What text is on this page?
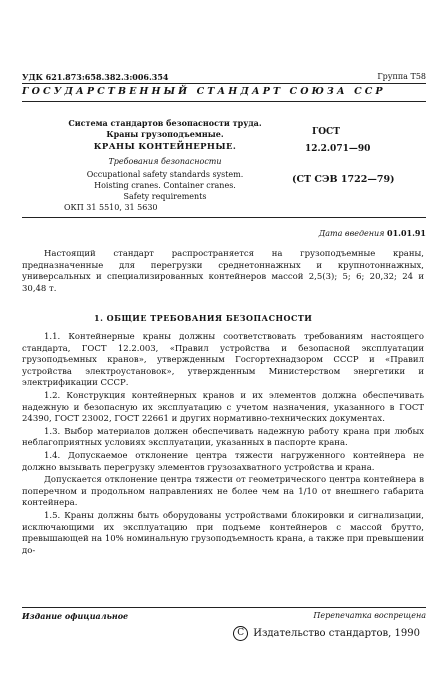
УДК 621.873:658.382.3:006.354	Группа Т58
ГОСУДАРСТВЕННЫЙ СТАНДАРТ СОЮЗА ССР
Система стандартов безопасности труда.
Краны грузоподъемные.
КРАНЫ КОНТЕЙНЕРНЫЕ.
Требования безопасности
Occupational safety standards system.
Hoisting cranes. Container cranes.
Safety requirements
ОКП 31 5510, 31 5630
ГОСТ
12.2.071—90
(СТ СЭВ 1722—79)
Дата введения 01.01.91

Настоящий стандарт распространяется на грузоподъемные краны, предназначенные для перегрузки среднетоннажных и крупнотоннажных, универсальных и специализированных контейнеров массой 2,5(3); 5; 6; 20,32; 24 и 30,48 т.

1. ОБЩИЕ ТРЕБОВАНИЯ БЕЗОПАСНОСТИ

1.1. Контейнерные краны должны соответствовать требованиям настоящего стандарта, ГОСТ 12.2.003, «Правил устройства и безопасной эксплуатации грузоподъемных кранов», утвержденным Госгортехнадзором СССР и «Правил устройства электроустановок», утвержденным Министерством энергетики и электрификации СССР.

1.2. Конструкция контейнерных кранов и их элементов должна обеспечивать надежную и безопасную их эксплуатацию с учетом назначения, указанного в ГОСТ 24390, ГОСТ 23002, ГОСТ 22661 и других нормативно-технических документах.

1.3. Выбор материалов должен обеспечивать надежную работу крана при любых неблагоприятных условиях эксплуатации, указанных в паспорте крана.

1.4. Допускаемое отклонение центра тяжести нагруженного контейнера не должно вызывать перегрузку элементов грузозахватного устройства и крана.

Допускается отклонение центра тяжести от геометрического центра контейнера в поперечном и продольном направлениях не более чем на 1/10 от внешнего габарита контейнера.

1.5. Краны должны быть оборудованы устройствами блокировки и сигнализации, исключающими их эксплуатацию при подъеме контейнеров с массой брутто, превышающей на 10% номинальную грузоподъемность крана, а также при превышении до-

Издание официальное	Перепечатка воспрещена
C Издательство стандартов, 1990
